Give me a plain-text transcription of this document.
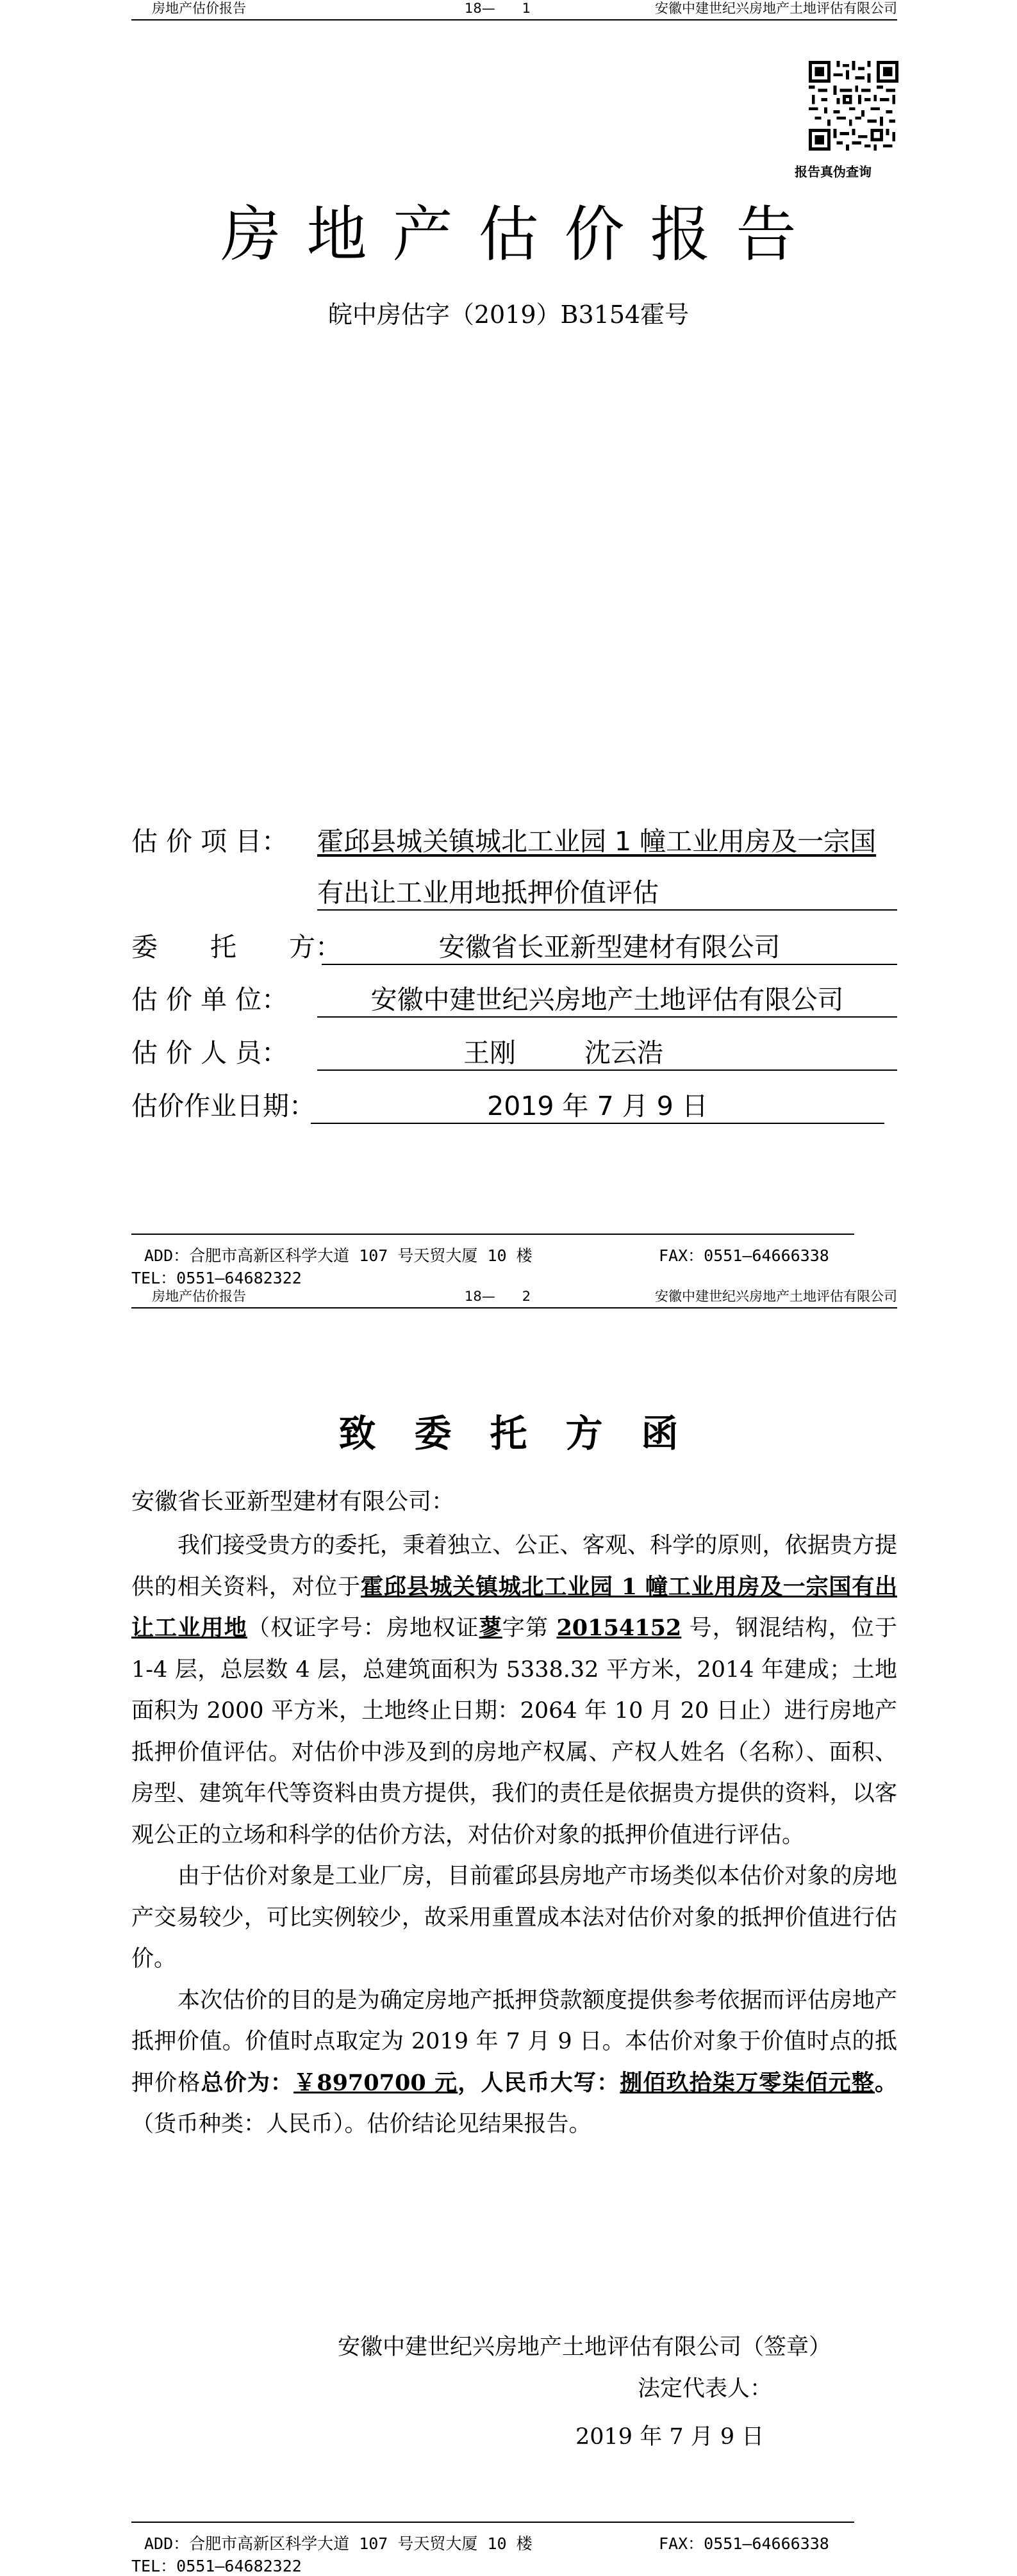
房地产估价报告	18—　　1	安徽中建世纪兴房地产土地评估有限公司
报告真伪查询
房地产估价报告
皖中房估字（2019）B3154霍号
估 价 项 目： 霍邱县城关镇城北工业园 1 幢工业用房及一宗国
有出让工业用地抵押价值评估
委　　托　　方：	安徽省长亚新型建材有限公司
估 价 单 位：	安徽中建世纪兴房地产土地评估有限公司
估 价 人 员：	王刚	沈云浩
估价作业日期：	2019 年 7 月 9 日
ADD：合肥市高新区科学大道 107 号天贸大厦 10 楼	FAX：0551—64666338
TEL：0551—64682322
房地产估价报告	18—　　2	安徽中建世纪兴房地产土地评估有限公司
致委托方函
安徽省长亚新型建材有限公司：

我们接受贵方的委托，秉着独立、公正、客观、科学的原则，依据贵方提供的相关资料，对位于霍邱县城关镇城北工业园 1 幢工业用房及一宗国有出让工业用地（权证字号：房地权证蓼字第 20154152 号，钢混结构，位于 1-4 层，总层数 4 层，总建筑面积为 5338.32 平方米，2014 年建成；土地面积为 2000 平方米，土地终止日期：2064 年 10 月 20 日止）进行房地产抵押价值评估。对估价中涉及到的房地产权属、产权人姓名（名称）、面积、房型、建筑年代等资料由贵方提供，我们的责任是依据贵方提供的资料，以客观公正的立场和科学的估价方法，对估价对象的抵押价值进行评估。

由于估价对象是工业厂房，目前霍邱县房地产市场类似本估价对象的房地产交易较少，可比实例较少，故采用重置成本法对估价对象的抵押价值进行估价。

本次估价的目的是为确定房地产抵押贷款额度提供参考依据而评估房地产抵押价值。价值时点取定为 2019 年 7 月 9 日。本估价对象于价值时点的抵押价格总价为：￥8970700 元，人民币大写：捌佰玖拾柒万零柒佰元整。（货币种类：人民币）。估价结论见结果报告。

安徽中建世纪兴房地产土地评估有限公司（签章）
法定代表人：
2019 年 7 月 9 日
ADD：合肥市高新区科学大道 107 号天贸大厦 10 楼	FAX：0551—64666338
TEL：0551—64682322
